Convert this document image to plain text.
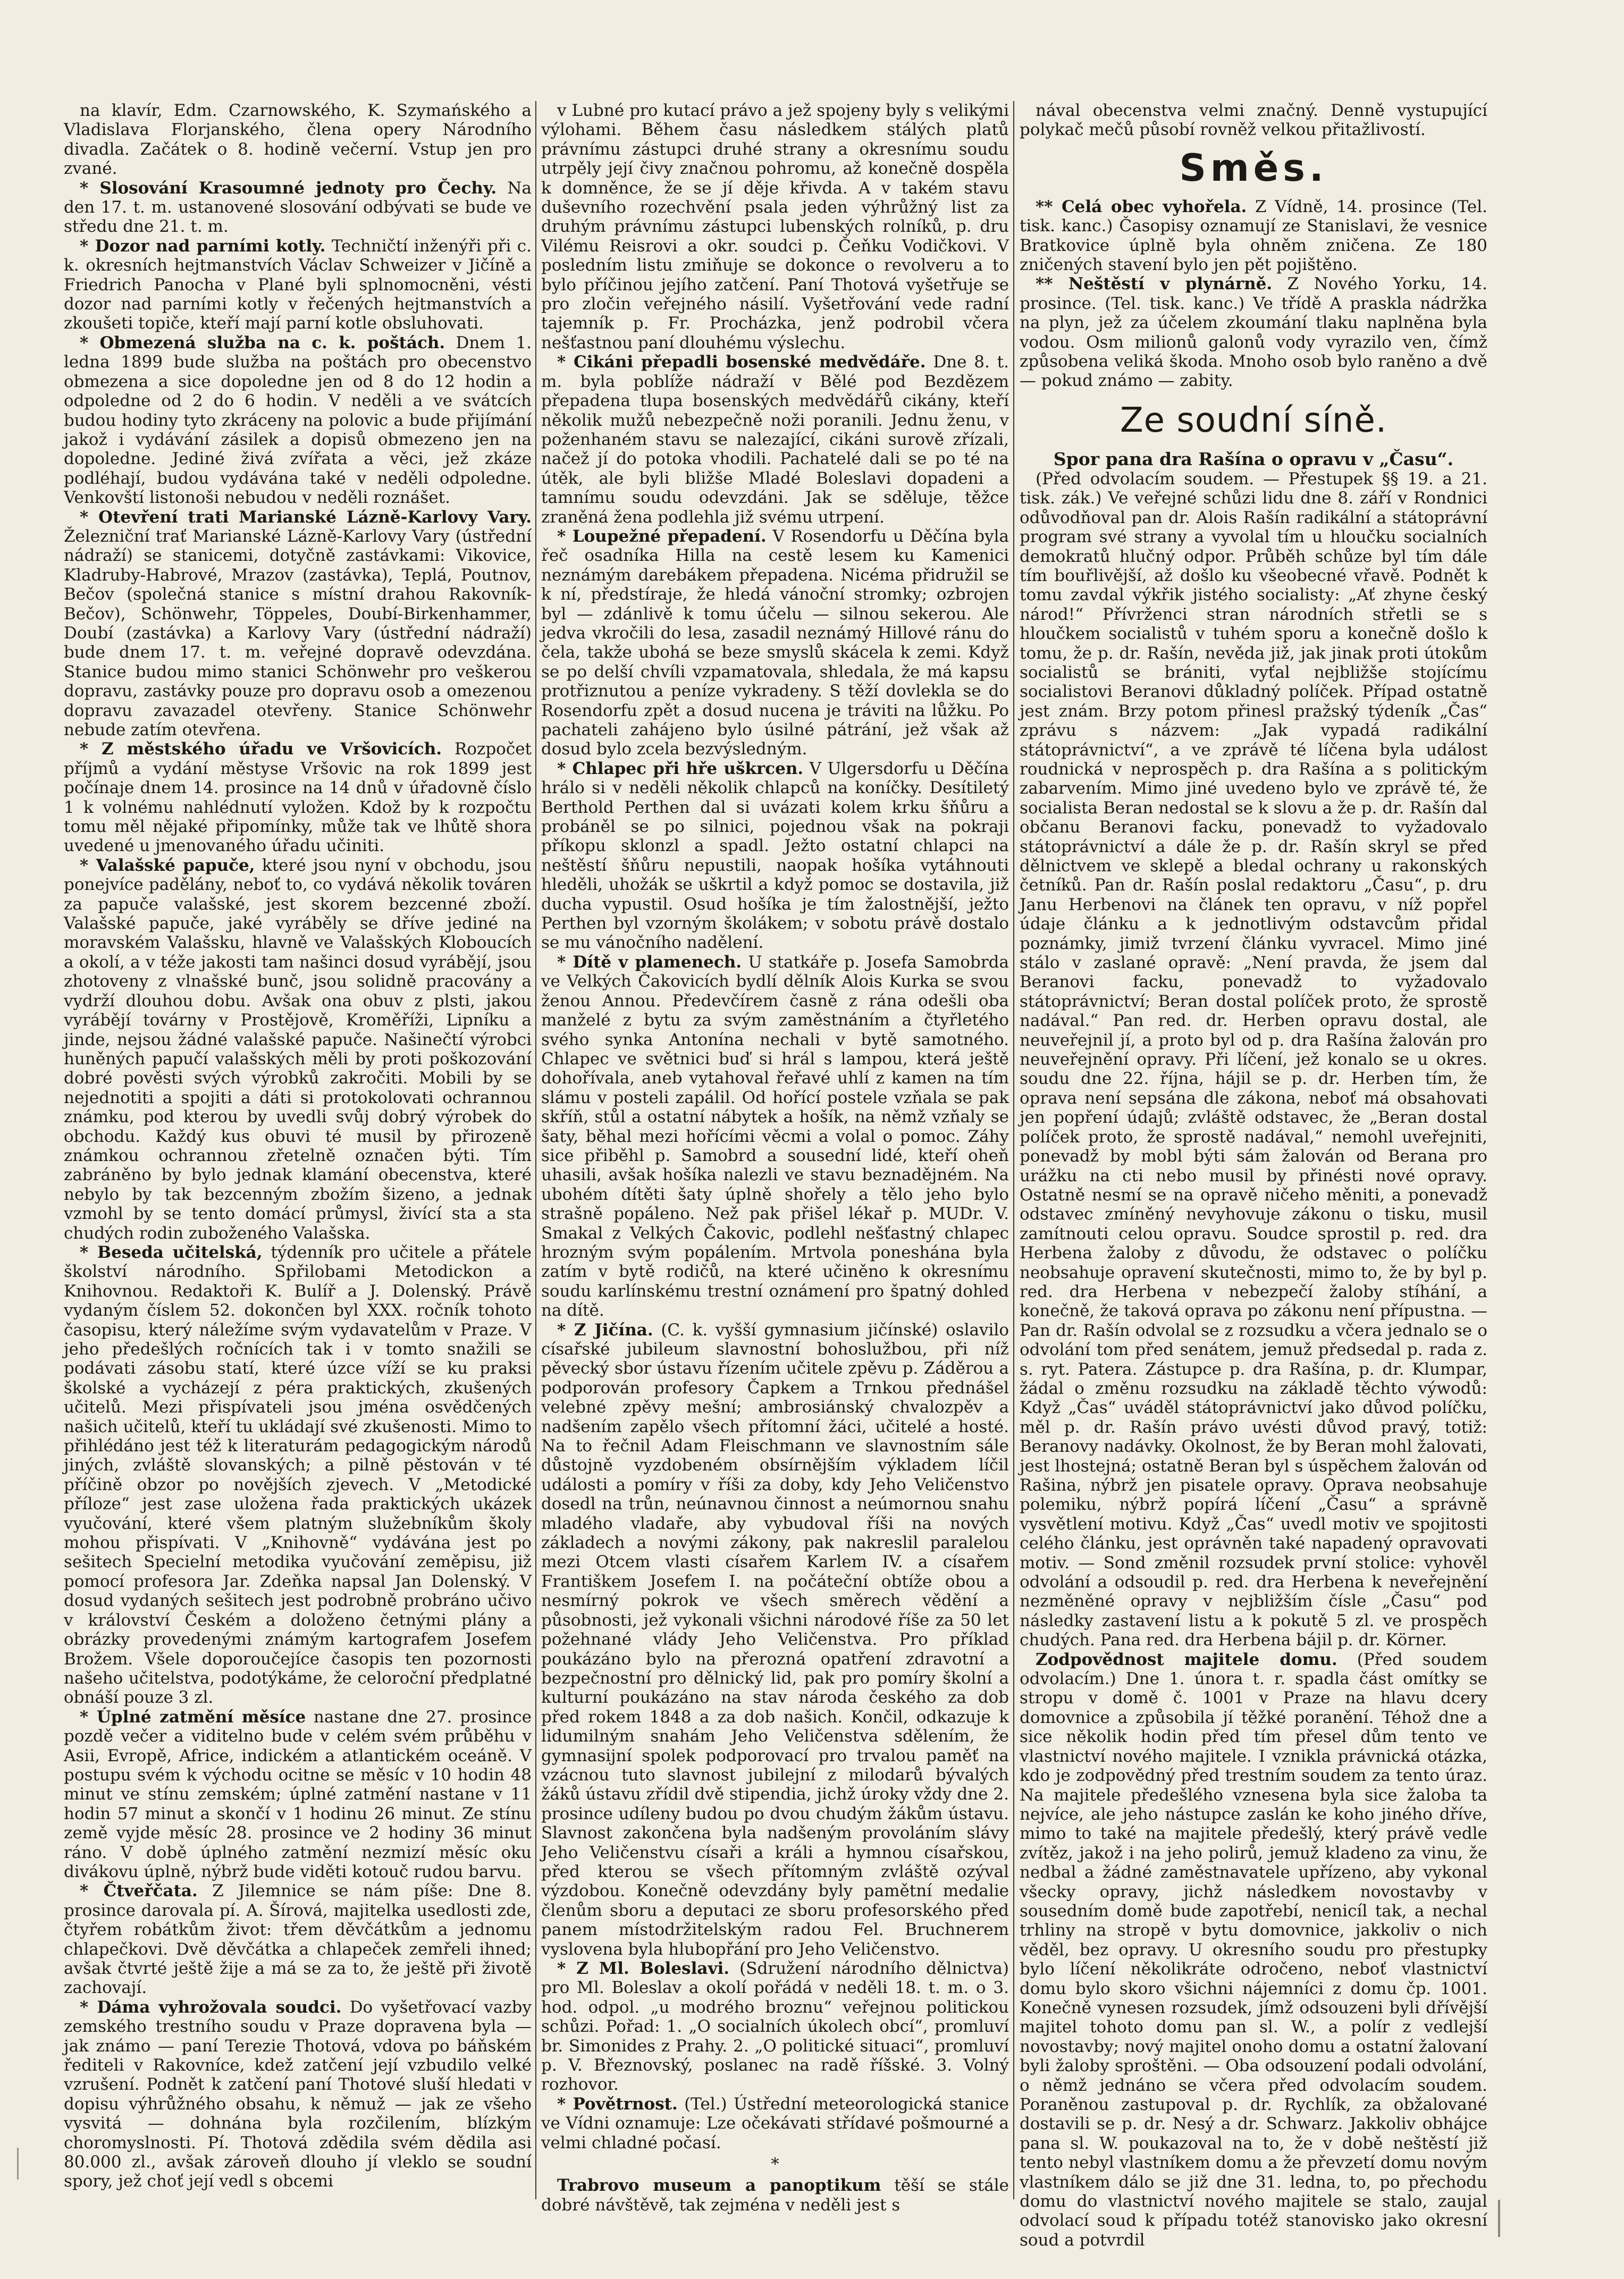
na klavír, Edm. Czarnowského, K. Szymańského a Vladislava Florjanského, člena opery Národního divadla. Začátek o 8. hodině večerní. Vstup jen pro zvané.

* Slosování Krasoumné jednoty pro Čechy. Na den 17. t. m. ustanovené slosování odbývati se bude ve středu dne 21. t. m.

* Dozor nad parními kotly. Techničtí inženýři při c. k. okresních hejtmanstvích Václav Schweizer v Jičíně a Friedrich Panocha v Plané byli splnomocněni, vésti dozor nad parními kotly v řečených hejtmanstvích a zkoušeti topiče, kteří mají parní kotle obsluhovati.

* Obmezená služba na c. k. poštách. Dnem 1. ledna 1899 bude služba na poštách pro obecenstvo obmezena a sice dopoledne jen od 8 do 12 hodin a odpoledne od 2 do 6 hodin. V neděli a ve svátcích budou hodiny tyto zkráceny na polovic a bude přijímání jakož i vydávání zásilek a dopisů obmezeno jen na dopoledne. Jediné živá zvířata a věci, jež zkáze podléhají, budou vydávána také v neděli odpoledne. Venkovští listonoši nebudou v neděli roznášet.

* Otevření trati Marianské Lázně-Karlovy Vary. Železniční trať Marianské Lázně-Karlovy Vary (ústřední nádraží) se stanicemi, dotyčně zastávkami: Vikovice, Kladruby-Habrové, Mrazov (zastávka), Teplá, Poutnov, Bečov (společná stanice s místní drahou Rakovník-Bečov), Schönwehr, Töppeles, Doubí-Birkenhammer, Doubí (zastávka) a Karlovy Vary (ústřední nádraží) bude dnem 17. t. m. veřejné dopravě odevzdána. Stanice budou mimo stanici Schönwehr pro veškerou dopravu, zastávky pouze pro dopravu osob a omezenou dopravu zavazadel otevřeny. Stanice Schönwehr nebude zatím otevřena.

* Z městského úřadu ve Vršovicích. Rozpočet příjmů a vydání městyse Vršovic na rok 1899 jest počínaje dnem 14. prosince na 14 dnů v úřadovně číslo 1 k volnému nahlédnutí vyložen. Kdož by k rozpočtu tomu měl nějaké připomínky, může tak ve lhůtě shora uvedené u jmenovaného úřadu učiniti.

* Valašské papuče, které jsou nyní v obchodu, jsou ponejvíce padělány, neboť to, co vydává několik továren za papuče valašské, jest skorem bezcenné zboží. Valašské papuče, jaké vyráběly se dříve jediné na moravském Valašsku, hlavně ve Valašských Kloboucích a okolí, a v téže jakosti tam našinci dosud vyrábějí, jsou zhotoveny z vlnašské bunč, jsou solidně pracovány a vydrží dlouhou dobu. Avšak ona obuv z plsti, jakou vyrábějí továrny v Prostějově, Kroměříži, Lipníku a jinde, nejsou žádné valašské papuče. Našinečtí výrobci huněných papučí valašských měli by proti poškozování dobré pověsti svých výrobků zakročiti. Mobili by se nejednotiti a spojiti a dáti si protokolovati ochrannou známku, pod kterou by uvedli svůj dobrý výrobek do obchodu. Každý kus obuvi té musil by přirozeně známkou ochrannou zřetelně označen býti. Tím zabráněno by bylo jednak klamání obecenstva, které nebylo by tak bezcenným zbožím šizeno, a jednak vzmohl by se tento domácí průmysl, živící sta a sta chudých rodin zuboženého Valašska.

* Beseda učitelská, týdenník pro učitele a přátele školství národního. Spřilobami Metodickon a Knihovnou. Redaktoři K. Bulíř a J. Dolenský. Právě vydaným číslem 52. dokončen byl XXX. ročník tohoto časopisu, který náležíme svým vydavatelům v Praze. V jeho předešlých ročnících tak i v tomto snažili se podávati zásobu statí, které úzce víží se ku praksi školské a vycházejí z péra praktických, zkušených učitelů. Mezi přispívateli jsou jména osvědčených našich učitelů, kteří tu ukládají své zkušenosti. Mimo to přihlédáno jest též k literaturám pedagogickým národů jiných, zvláště slovanských; a pilně pěstován v té příčině obzor po novějších zjevech. V „Metodické příloze“ jest zase uložena řada praktických ukázek vyučování, které všem platným služebníkům školy mohou přispívati. V „Knihovně“ vydávána jest po sešitech Specielní metodika vyučování zeměpisu, již pomocí profesora Jar. Zdeňka napsal Jan Dolenský. V dosud vydaných sešitech jest podrobně probráno učivo v království Českém a doloženo četnými plány a obrázky provedenými známým kartografem Josefem Brožem. Všele doporoučejíce časopis ten pozornosti našeho učitelstva, podotýkáme, že celoroční předplatné obnáší pouze 3 zl.

* Úplné zatmění měsíce nastane dne 27. prosince pozdě večer a viditelno bude v celém svém průběhu v Asii, Evropě, Africe, indickém a atlantickém oceáně. V postupu svém k východu ocitne se měsíc v 10 hodin 48 minut ve stínu zemském; úplné zatmění nastane v 11 hodin 57 minut a skončí v 1 hodinu 26 minut. Ze stínu země vyjde měsíc 28. prosince ve 2 hodiny 36 minut ráno. V době úplného zatmění nezmizí měsíc oku divákovu úplně, nýbrž bude viděti kotouč rudou barvu.

* Čtveřčata. Z Jilemnice se nám píše: Dne 8. prosince darovala pí. A. Šírová, majitelka usedlosti zde, čtyřem robátkům život: třem děvčátkům a jednomu chlapečkovi. Dvě děvčátka a chlapeček zemřeli ihned; avšak čtvrté ještě žije a má se za to, že ještě při životě zachovají.

* Dáma vyhrožovala soudci. Do vyšetřovací vazby zemského trestního soudu v Praze dopravena byla — jak známo — paní Terezie Thotová, vdova po báňském řediteli v Rakovníce, kdež zatčení její vzbudilo velké vzrušení. Podnět k zatčení paní Thotové sluší hledati v dopisu výhrůžného obsahu, k němuž — jak ze všeho vysvitá — dohnána byla rozčilením, blízkým choromyslnosti. Pí. Thotová zdědila svém dědila asi 80.000 zl., avšak zároveň dlouho jí vleklo se soudní spory, jež choť její vedl s obcemi

v Lubné pro kutací právo a jež spojeny byly s velikými výlohami. Během času následkem stálých platů právnímu zástupci druhé strany a okresnímu soudu utrpěly její čivy značnou pohromu, až konečně dospěla k domněnce, že se jí děje křivda. A v takém stavu duševního rozechvění psala jeden výhrůžný list za druhým právnímu zástupci lubenských rolníků, p. dru Vilému Reisrovi a okr. soudci p. Čeňku Vodičkovi. V posledním listu zmiňuje se dokonce o revolveru a to bylo příčinou jejího zatčení. Paní Thotová vyšetřuje se pro zločin veřejného násilí. Vyšetřování vede radní tajemník p. Fr. Procházka, jenž podrobil včera nešťastnou paní dlouhému výslechu.

* Cikáni přepadli bosenské medvědáře. Dne 8. t. m. byla poblíže nádraží v Bělé pod Bezdězem přepadena tlupa bosenských medvědářů cikány, kteří několik mužů nebezpečně noži poranili. Jednu ženu, v poženhaném stavu se nalezající, cikáni surově zřízali, načež jí do potoka vhodili. Pachatelé dali se po té na útěk, ale byli bližše Mladé Boleslavi dopadeni a tamnímu soudu odevzdáni. Jak se sděluje, těžce zraněná žena podlehla již svému utrpení.

* Loupežné přepadení. V Rosendorfu u Děčína byla řeč osadníka Hilla na cestě lesem ku Kamenici neznámým darebákem přepadena. Nicéma přidružil se k ní, předstíraje, že hledá vánoční stromky; ozbrojen byl — zdánlivě k tomu účelu — silnou sekerou. Ale jedva vkročili do lesa, zasadil neznámý Hillové ránu do čela, takže ubohá se beze smyslů skácela k zemi. Když se po delší chvíli vzpamatovala, shledala, že má kapsu protřiznutou a peníze vykradeny. S těží dovlekla se do Rosendorfu zpět a dosud nucena je tráviti na lůžku. Po pachateli zahájeno bylo úsilné pátrání, jež však až dosud bylo zcela bezvýsledným.

* Chlapec při hře uškrcen. V Ulgersdorfu u Děčína hrálo si v neděli několik chlapců na koníčky. Desítiletý Berthold Perthen dal si uvázati kolem krku šňůru a probáněl se po silnici, pojednou však na pokraji příkopu sklonzl a spadl. Ježto ostatní chlapci na neštěstí šňůru nepustili, naopak hošíka vytáhnouti hleděli, uhožák se uškrtil a když pomoc se dostavila, již ducha vypustil. Osud hošíka je tím žalostnější, ježto Perthen byl vzorným školákem; v sobotu právě dostalo se mu vánočního nadělení.

* Dítě v plamenech. U statkáře p. Josefa Samobrda ve Velkých Čakovicích bydlí dělník Alois Kurka se svou ženou Annou. Předevčírem časně z rána odešli oba manželé z bytu za svým zaměstnáním a čtyřletého svého synka Antonína nechali v bytě samotného. Chlapec ve světnici buď si hrál s lampou, která ještě dohořívala, aneb vytahoval řeřavé uhlí z kamen na tím slámu v posteli zapálil. Od hořící postele vzňala se pak skříň, stůl a ostatní nábytek a hošík, na němž vzňaly se šaty, běhal mezi hořícími věcmi a volal o pomoc. Záhy sice přiběhl p. Samobrd a sousední lidé, kteří oheň uhasili, avšak hošíka nalezli ve stavu beznadějném. Na ubohém dítěti šaty úplně shořely a tělo jeho bylo strašně popáleno. Než pak přišel lékař p. MUDr. V. Smakal z Velkých Čakovic, podlehl nešťastný chlapec hrozným svým popálením. Mrtvola poneshána byla zatím v bytě rodičů, na které učiněno k okresnímu soudu karlínskému trestní oznámení pro špatný dohled na dítě.

* Z Jičína. (C. k. vyšší gymnasium jičínské) oslavilo císařské jubileum slavnostní bohoslužbou, při níž pěvecký sbor ústavu řízením učitele zpěvu p. Záděrou a podporován profesory Čapkem a Trnkou přednášel velebné zpěvy mešní; ambrosiánský chvalozpěv a nadšením zapělo všech přítomní žáci, učitelé a hosté. Na to řečnil Adam Fleischmann ve slavnostním sále důstojně vyzdobeném obsírnějším výkladem líčil události a pomíry v říši za doby, kdy Jeho Veličenstvo dosedl na trůn, neúnavnou činnost a neúmornou snahu mladého vladaře, aby vybudoval říši na nových základech a novými zákony, pak nakreslil paralelou mezi Otcem vlasti císařem Karlem IV. a císařem Františkem Josefem I. na počáteční obtíže obou a nesmírný pokrok ve všech směrech vědění a působnosti, jež vykonali všichni národové říše za 50 let požehnané vlády Jeho Veličenstva. Pro příklad poukázáno bylo na přerozná opatření zdravotní a bezpečnostní pro dělnický lid, pak pro pomíry školní a kulturní poukázáno na stav národa českého za dob před rokem 1848 a za dob našich. Končil, odkazuje k lidumilným snahám Jeho Veličenstva sdělením, že gymnasijní spolek podporovací pro trvalou paměť na vzácnou tuto slavnost jubilejní z milodarů bývalých žáků ústavu zřídil dvě stipendia, jichž úroky vždy dne 2. prosince udíleny budou po dvou chudým žákům ústavu. Slavnost zakončena byla nadšeným provoláním slávy Jeho Veličenstvu císaři a králi a hymnou císařskou, před kterou se všech přítomným zvláště ozýval výzdobou. Konečně odevzdány byly pamětní medalie členům sboru a deputaci ze sboru profesorského před panem místodržitelským radou Fel. Bruchnerem vyslovena byla hlubopřání pro Jeho Veličenstvo.

* Z Ml. Boleslavi. (Sdružení národního dělnictva) pro Ml. Boleslav a okolí pořádá v neděli 18. t. m. o 3. hod. odpol. „u modrého broznu“ veřejnou politickou schůzi. Pořad: 1. „O socialních úkolech obcí“, promluví br. Simonides z Prahy. 2. „O politické situaci“, promluví p. V. Březnovský, poslanec na radě říšské. 3. Volný rozhovor.

* Povětrnost. (Tel.) Ústřední meteorologická stanice ve Vídni oznamuje: Lze očekávati střídavé pošmourné a velmi chladné počasí.

*

Trabrovo museum a panoptikum těší se stále dobré návštěvě, tak zejména v neděli jest s

nával obecenstva velmi značný. Denně vystupující polykač mečů působí rovněž velkou přitažlivostí.

Směs.

** Celá obec vyhořela. Z Vídně, 14. prosince (Tel. tisk. kanc.) Časopisy oznamují ze Stanislavi, že vesnice Bratkovice úplně byla ohněm zničena. Ze 180 zničených stavení bylo jen pět pojištěno.

** Neštěstí v plynárně. Z Nového Yorku, 14. prosince. (Tel. tisk. kanc.) Ve třídě A praskla nádržka na plyn, jež za účelem zkoumání tlaku naplněna byla vodou. Osm milionů galonů vody vyrazilo ven, čímž způsobena veliká škoda. Mnoho osob bylo raněno a dvě — pokud známo — zabity.

Ze soudní síně.
Spor pana dra Rašína o opravu v „Času“.

(Před odvolacím soudem. — Přestupek §§ 19. a 21. tisk. zák.) Ve veřejné schůzi lidu dne 8. září v Rondnici odůvodňoval pan dr. Alois Rašín radikální a státoprávní program své strany a vyvolal tím u hloučku socialních demokratů hlučný odpor. Průběh schůze byl tím dále tím bouřlivější, až došlo ku všeobecné vřavě. Podnět k tomu zavdal výkřik jistého socialisty: „Ať zhyne český národ!“ Přívrženci stran národních střetli se s hloučkem socialistů v tuhém sporu a konečně došlo k tomu, že p. dr. Rašín, nevěda již, jak jinak proti útokům socialistů se brániti, vyťal nejbližše stojícímu socialistovi Beranovi důkladný políček. Případ ostatně jest znám. Brzy potom přinesl pražský týdeník „Čas“ zprávu s názvem: „Jak vypadá radikální státoprávnictví“, a ve zprávě té líčena byla událost roudnická v neprospěch p. dra Rašína a s politickým zabarvením. Mimo jiné uvedeno bylo ve zprávě té, že socialista Beran nedostal se k slovu a že p. dr. Rašín dal občanu Beranovi facku, ponevadž to vyžadovalo státoprávnictví a dále že p. dr. Rašín skryl se před dělnictvem ve sklepě a bledal ochrany u rakonských četníků. Pan dr. Rašín poslal redaktoru „Času“, p. dru Janu Herbenovi na článek ten opravu, v níž popřel údaje článku a k jednotlivým odstavcům přidal poznámky, jimiž tvrzení článku vyvracel. Mimo jiné stálo v zaslané opravě: „Není pravda, že jsem dal Beranovi facku, ponevadž to vyžadovalo státoprávnictví; Beran dostal políček proto, že sprostě nadával.“ Pan red. dr. Herben opravu dostal, ale neuveřejnil jí, a proto byl od p. dra Rašína žalován pro neuveřejnění opravy. Při líčení, jež konalo se u okres. soudu dne 22. října, hájil se p. dr. Herben tím, že oprava není sepsána dle zákona, neboť má obsahovati jen popření údajů; zvláště odstavec, že „Beran dostal políček proto, že sprostě nadával,“ nemohl uveřejniti, ponevadž by mobl býti sám žalován od Berana pro urážku na cti nebo musil by přinésti nové opravy. Ostatně nesmí se na opravě ničeho měniti, a ponevadž odstavec zmíněný nevyhovuje zákonu o tisku, musil zamítnouti celou opravu. Soudce sprostil p. red. dra Herbena žaloby z důvodu, že odstavec o políčku neobsahuje opravení skutečnosti, mimo to, že by byl p. red. dra Herbena v nebezpečí žaloby stíhání, a konečně, že taková oprava po zákonu není přípustna. — Pan dr. Rašín odvolal se z rozsudku a včera jednalo se o odvolání tom před senátem, jemuž předsedal p. rada z. s. ryt. Patera. Zástupce p. dra Rašína, p. dr. Klumpar, žádal o změnu rozsudku na základě těchto výwodů: Když „Čas“ uváděl státoprávnictví jako důvod políčku, měl p. dr. Rašín právo uvésti důvod pravý, totiž: Beranovy nadávky. Okolnost, že by Beran mohl žalovati, jest lhostejná; ostatně Beran byl s úspěchem žalován od Rašina, nýbrž jen pisatele opravy. Oprava neobsahuje polemiku, nýbrž popírá líčení „Času“ a správně vysvětlení motivu. Když „Čas“ uvedl motiv ve spojitosti celého článku, jest oprávněn také napadený opravovati motiv. — Sond změnil rozsudek první stolice: vyhověl odvolání a odsoudil p. red. dra Herbena k neveřejnění nezměněné opravy v nejbližším čísle „Času“ pod následky zastavení listu a k pokutě 5 zl. ve prospěch chudých. Pana red. dra Herbena bájil p. dr. Körner.

Zodpovědnost majitele domu. (Před soudem odvolacím.) Dne 1. února t. r. spadla část omítky se stropu v domě č. 1001 v Praze na hlavu dcery domovnice a způsobila jí těžké poranění. Téhož dne a sice několik hodin před tím přesel dům tento ve vlastnictví nového majitele. I vznikla právnická otázka, kdo je zodpovědný před trestním soudem za tento úraz. Na majitele předešlého vznesena byla sice žaloba ta nejvíce, ale jeho nástupce zaslán ke koho jiného dříve, mimo to také na majitele předešlý, který právě vedle zvítěz, jakož i na jeho polirů, jemuž kladeno za vinu, že nedbal a žádné zaměstnavatele upřízeno, aby vykonal všecky opravy, jichž následkem novostavby v sousedním domě bude zapotřebí, nenicíl tak, a nechal trhliny na stropě v bytu domovnice, jakkoliv o nich věděl, bez opravy. U okresního soudu pro přestupky bylo líčení několikráte odročeno, neboť vlastnictví domu bylo skoro všichni nájemníci z domu čp. 1001. Konečně vynesen rozsudek, jímž odsouzeni byli dřívější majitel tohoto domu pan sl. W., a polír z vedlejší novostavby; nový majitel onoho domu a ostatní žalovaní byli žaloby sproštěni. — Oba odsouzení podali odvolání, o němž jednáno se včera před odvolacím soudem. Poraněnou zastupoval p. dr. Rychlík, za obžalované dostavili se p. dr. Nesý a dr. Schwarz. Jakkoliv obhájce pana sl. W. poukazoval na to, že v době neštěstí již tento nebyl vlastníkem domu a že převzetí domu novým vlastníkem dálo se již dne 31. ledna, to, po přechodu domu do vlastnictví nového majitele se stalo, zaujal odvolací soud k případu totéž stanovisko jako okresní soud a potvrdil
